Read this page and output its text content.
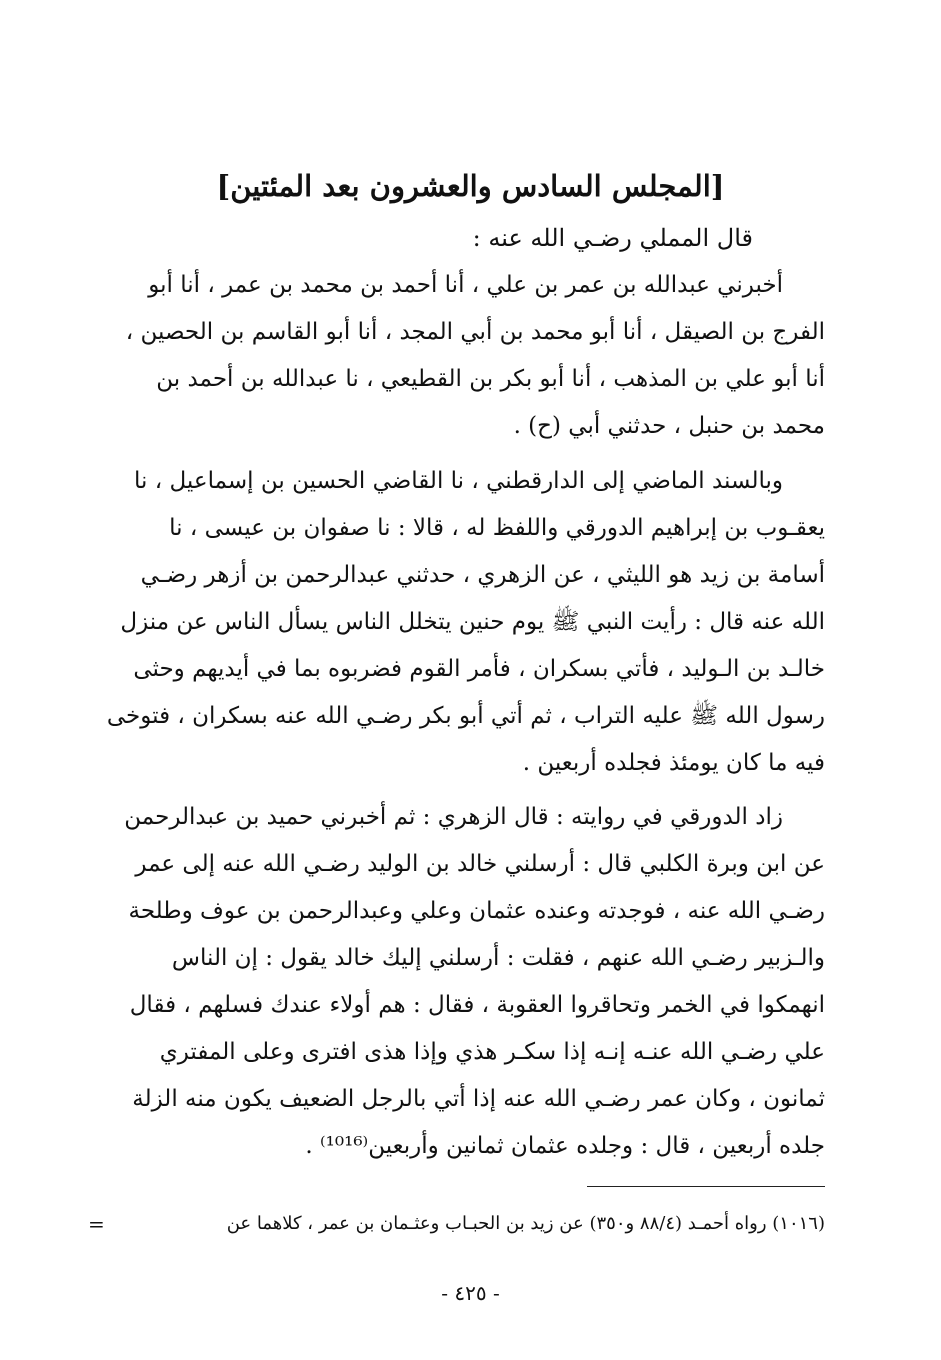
[المجلس السادس والعشرون بعد المئتين]

قال المملي رضـي الله عنه :

أخبرني عبدالله بن عمر بن علي ، أنا أحمد بن محمد بن عمر ، أنا أبو
الفرج بن الصيقل ، أنا أبو محمد بن أبي المجد ، أنا أبو القاسم بن الحصين ،
أنا أبو علي بن المذهب ، أنا أبو بكر بن القطيعي ، نا عبدالله بن أحمد بن
محمد بن حنبل ، حدثني أبي (ح) .

وبالسند الماضي إلى الدارقطني ، نا القاضي الحسين بن إسماعيل ، نا
يعقـوب بن إبراهيم الدورقي واللفظ له ، قالا : نا صفوان بن عيسى ، نا
أسامة بن زيد هو الليثي ، عن الزهري ، حدثني عبدالرحمن بن أزهر رضـي
الله عنه قال : رأيت النبي ﷺ يوم حنين يتخلل الناس يسأل الناس عن منزل
خالـد بن الـوليد ، فأتي بسكران ، فأمر القوم فضربوه بما في أيديهم وحثى
رسول الله ﷺ عليه التراب ، ثم أتي أبو بكر رضـي الله عنه بسكران ، فتوخى
فيه ما كان يومئذ فجلده أربعين .

زاد الدورقي في روايته : قال الزهري : ثم أخبرني حميد بن عبدالرحمن
عن ابن وبرة الكلبي قال : أرسلني خالد بن الوليد رضـي الله عنه إلى عمر
رضـي الله عنه ، فوجدته وعنده عثمان وعلي وعبدالرحمن بن عوف وطلحة
والـزبير رضـي الله عنهم ، فقلت : أرسلني إليك خالد يقول : إن الناس
انهمكوا في الخمر وتحاقروا العقوبة ، فقال : هم أولاء عندك فسلهم ، فقال
علي رضـي الله عنـه إنـه إذا سكـر هذي وإذا هذى افترى وعلى المفتري
ثمانون ، وكان عمر رضـي الله عنه إذا أتي بالرجل الضعيف يكون منه الزلة
جلده أربعين ، قال : وجلده عثمان ثمانين وأربعين⁽¹⁰¹⁶⁾ .

(١٠١٦) رواه أحمـد (٨٨/٤ و٣٥٠) عن زيد بن الحبـاب وعثـمان بن عمر ، كلاهما عن

=
- ٤٢٥ -
